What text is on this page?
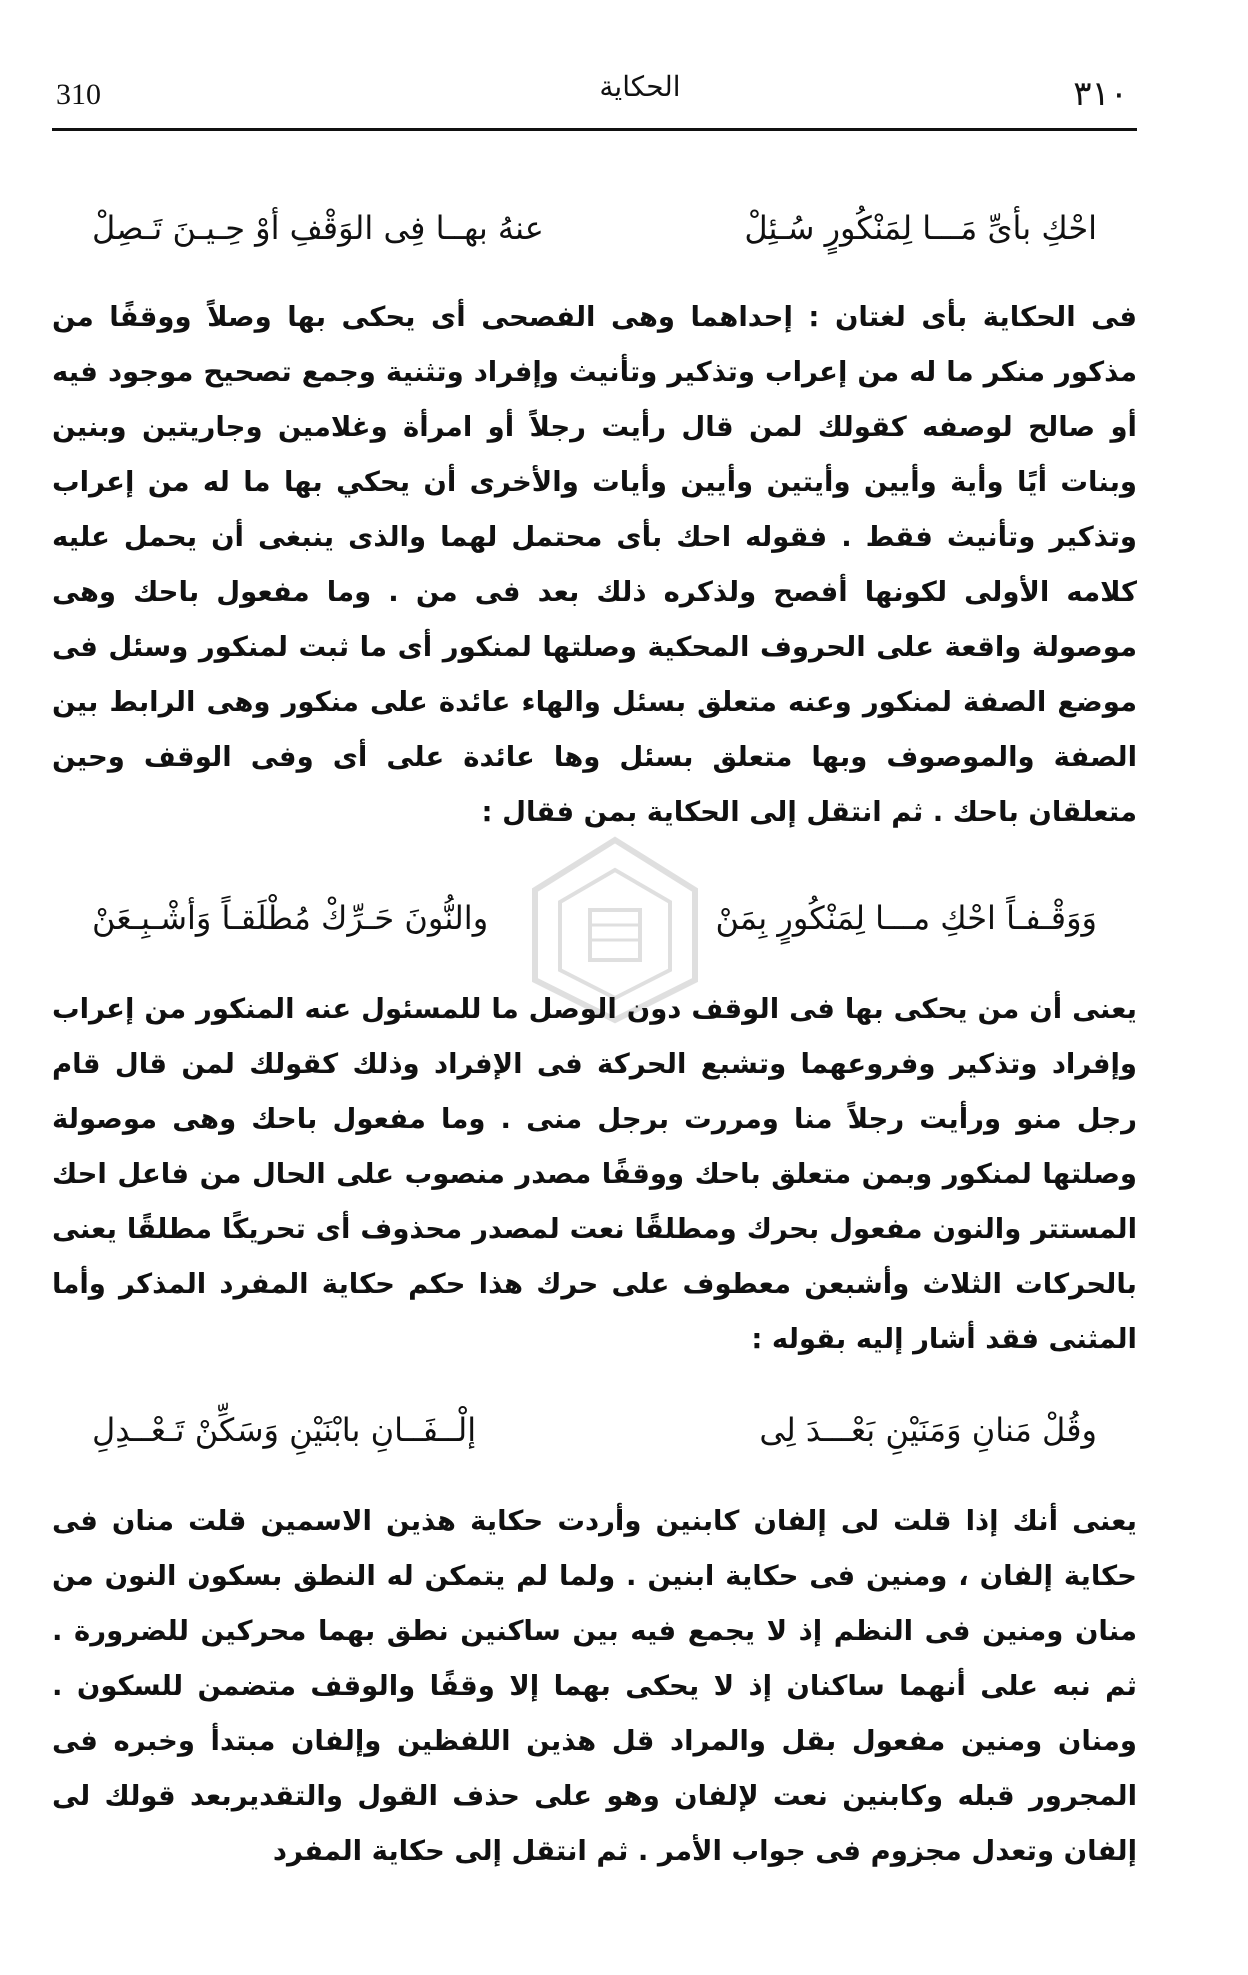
310	الحكاية	٣١٠
احْكِ بأىِّ مَـــا لِمَنْكُورٍ سُـئِلْ
عنهُ بهــا فِى الوَقْفِ أوْ حِـيـنَ تَـصِلْ
فى الحكاية بأى لغتان : إحداهما وهى الفصحى أى يحكى بها وصلاً ووقفًا من مذكور منكر ما له من إعراب وتذكير وتأنيث وإفراد وتثنية وجمع تصحيح موجود فيه أو صالح لوصفه كقولك لمن قال رأيت رجلاً أو امرأة وغلامين وجاريتين وبنين وبنات أيًا وأية وأيين وأيتين وأيين وأيات والأخرى أن يحكي بها ما له من إعراب وتذكير وتأنيث فقط . فقوله احك بأى محتمل لهما والذى ينبغى أن يحمل عليه كلامه الأولى لكونها أفصح ولذكره ذلك بعد فى من . وما مفعول باحك وهى موصولة واقعة على الحروف المحكية وصلتها لمنكور أى ما ثبت لمنكور وسئل فى موضع الصفة لمنكور وعنه متعلق بسئل والهاء عائدة على منكور وهى الرابط بين الصفة والموصوف وبها متعلق بسئل وها عائدة على أى وفى الوقف وحين متعلقان باحك . ثم انتقل إلى الحكاية بمن فقال :
وَوَقْـفـاً احْكِ مـــا لِمَنْكُورٍ بِمَنْ
والنُّونَ حَـرِّكْ مُطْلَقـاً وَأشْـبِـعَنْ
يعنى أن من يحكى بها فى الوقف دون الوصل ما للمسئول عنه المنكور من إعراب وإفراد وتذكير وفروعهما وتشبع الحركة فى الإفراد وذلك كقولك لمن قال قام رجل منو ورأيت رجلاً منا ومررت برجل منى . وما مفعول باحك وهى موصولة وصلتها لمنكور وبمن متعلق باحك ووقفًا مصدر منصوب على الحال من فاعل احك المستتر والنون مفعول بحرك ومطلقًا نعت لمصدر محذوف أى تحريكًا مطلقًا يعنى بالحركات الثلاث وأشبعن معطوف على حرك هذا حكم حكاية المفرد المذكر وأما المثنى فقد أشار إليه بقوله :
وقُلْ مَنانِ وَمَنَيْنِ بَعْـــدَ لِى
إلْــفَــانِ بابْنَيْنِ وَسَكِّنْ تَـعْــدِلِ
يعنى أنك إذا قلت لى إلفان كابنين وأردت حكاية هذين الاسمين قلت منان فى حكاية إلفان ، ومنين فى حكاية ابنين . ولما لم يتمكن له النطق بسكون النون من منان ومنين فى النظم إذ لا يجمع فيه بين ساكنين نطق بهما محركين للضرورة . ثم نبه على أنهما ساكنان إذ لا يحكى بهما إلا وقفًا والوقف متضمن للسكون . ومنان ومنين مفعول بقل والمراد قل هذين اللفظين وإلفان مبتدأ وخبره فى المجرور قبله وكابنين نعت لإلفان وهو على حذف القول والتقديربعد قولك لى إلفان وتعدل مجزوم فى جواب الأمر . ثم انتقل إلى حكاية المفرد
